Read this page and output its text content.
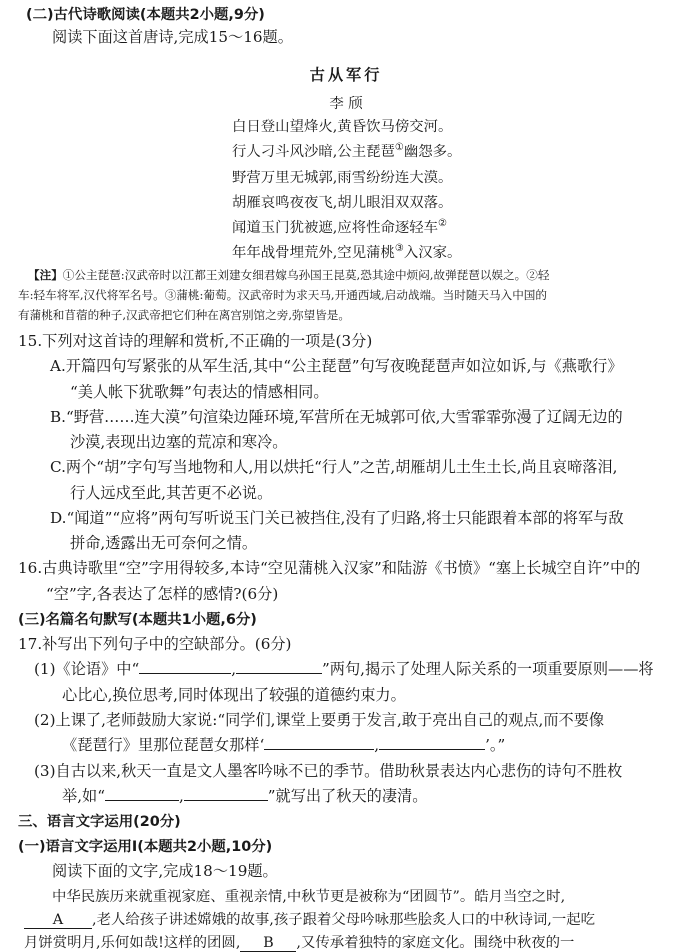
(二)古代诗歌阅读(本题共2小题,9分)
阅读下面这首唐诗,完成15～16题。
古从军行
李 颀
白日登山望烽火,黄昏饮马傍交河。
行人刁斗风沙暗,公主琵琶①幽怨多。
野营万里无城郭,雨雪纷纷连大漠。
胡雁哀鸣夜夜飞,胡儿眼泪双双落。
闻道玉门犹被遮,应将性命逐轻车②
年年战骨埋荒外,空见蒲桃③入汉家。
【注】①公主琵琶:汉武帝时以江都王刘建女细君嫁乌孙国王昆莫,恐其途中烦闷,故弹琵琶以娱之。②轻
车:轻车将军,汉代将军名号。③蒲桃:葡萄。汉武帝时为求天马,开通西域,启动战端。当时随天马入中国的
有蒲桃和苜蓿的种子,汉武帝把它们种在离宫别馆之旁,弥望皆是。
15.下列对这首诗的理解和赏析,不正确的一项是(3分)
A.开篇四句写紧张的从军生活,其中“公主琵琶”句写夜晚琵琶声如泣如诉,与《燕歌行》
“美人帐下犹歌舞”句表达的情感相同。
B.“野营……连大漠”句渲染边陲环境,军营所在无城郭可依,大雪霏霏弥漫了辽阔无边的
沙漠,表现出边塞的荒凉和寒冷。
C.两个“胡”字句写当地物和人,用以烘托“行人”之苦,胡雁胡儿土生土长,尚且哀啼落泪,
行人远戍至此,其苦更不必说。
D.“闻道”“应将”两句写听说玉门关已被挡住,没有了归路,将士只能跟着本部的将军与敌
拼命,透露出无可奈何之情。
16.古典诗歌里“空”字用得较多,本诗“空见蒲桃入汉家”和陆游《书愤》“塞上长城空自许”中的
“空”字,各表达了怎样的感情?(6分)
(三)名篇名句默写(本题共1小题,6分)
17.补写出下列句子中的空缺部分。(6分)
(1)《论语》中“	,	”两句,揭示了处理人际关系的一项重要原则——将
心比心,换位思考,同时体现出了较强的道德约束力。
(2)上课了,老师鼓励大家说:“同学们,课堂上要勇于发言,敢于亮出自己的观点,而不要像
《琵琶行》里那位琵琶女那样‘	,	’。”
(3)自古以来,秋天一直是文人墨客吟咏不已的季节。借助秋景表达内心悲伤的诗句不胜枚
举,如“	,	”就写出了秋天的凄清。
三、语言文字运用(20分)
(一)语言文字运用Ⅰ(本题共2小题,10分)
阅读下面的文字,完成18～19题。
中华民族历来就重视家庭、重视亲情,中秋节更是被称为“团圆节”。皓月当空之时,
A ,老人给孩子讲述嫦娥的故事,孩子跟着父母吟咏那些脍炙人口的中秋诗词,一起吃
月饼赏明月,乐何如哉!这样的团圆, B ,又传承着独特的家庭文化。围绕中秋夜的一
